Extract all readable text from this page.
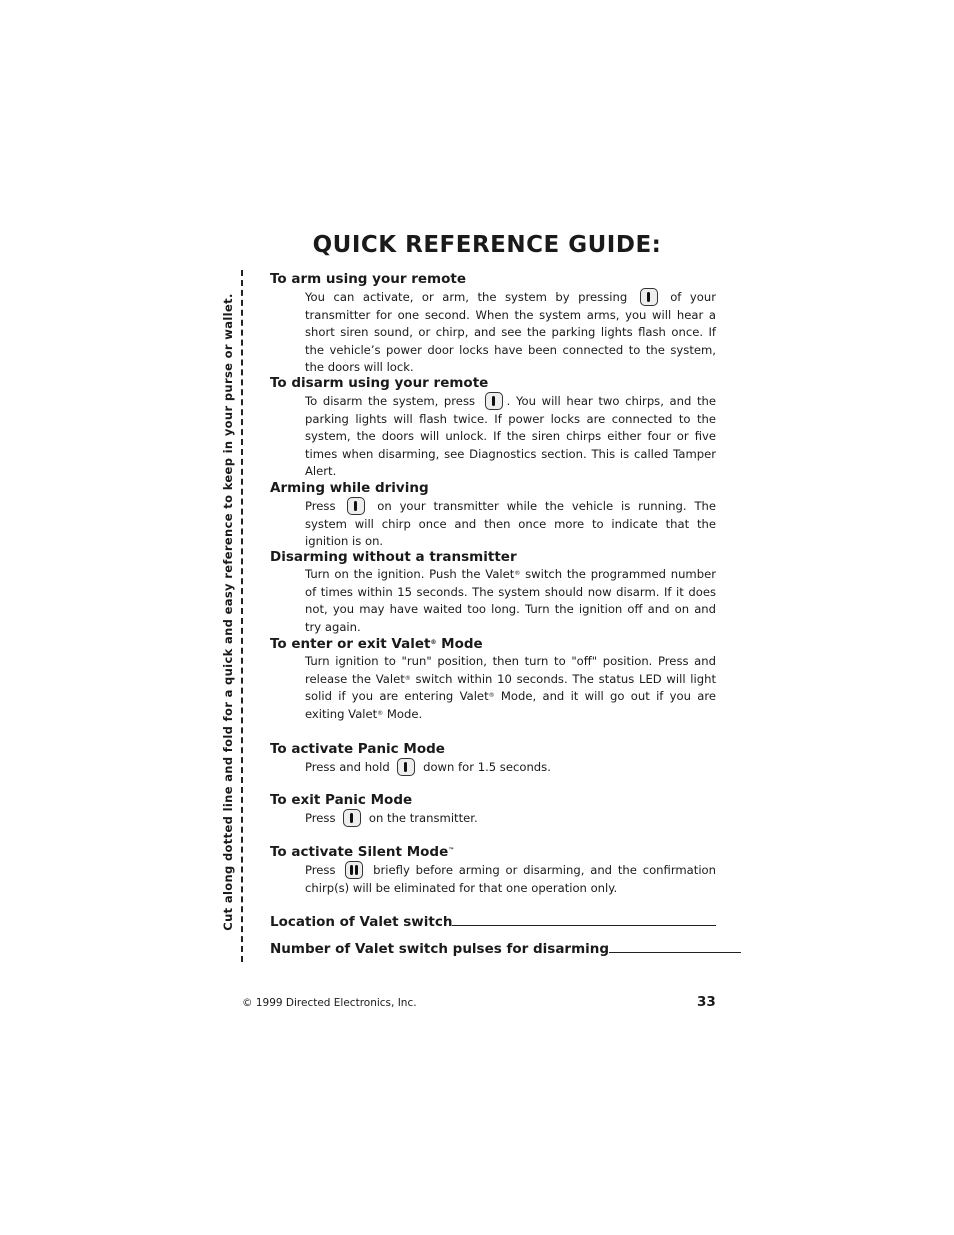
QUICK REFERENCE GUIDE:
Cut along dotted line and fold for a quick and easy reference to keep in your purse or wallet.
To arm using your remote

You can activate, or arm, the system by pressing	of your transmitter for one second. When the system arms, you will hear a short siren sound, or chirp, and see the parking lights flash once. If the vehicle’s power door locks have been connected to the system, the doors will lock.

To disarm using your remote

To disarm the system, press	. You will hear two chirps, and the parking lights will flash twice. If power locks are connected to the system, the doors will unlock. If the siren chirps either four or five times when disarming, see Diagnostics section. This is called Tamper Alert.

Arming while driving

Press	on your transmitter while the vehicle is running. The system will chirp once and then once more to indicate that the ignition is on.

Disarming without a transmitter

Turn on the ignition. Push the Valet® switch the programmed number of times within 15 seconds. The system should now disarm. If it does not, you may have waited too long. Turn the ignition off and on and try again.

To enter or exit Valet® Mode

Turn ignition to "run" position, then turn to "off" position. Press and release the Valet® switch within 10 seconds. The status LED will light solid if you are entering Valet® Mode, and it will go out if you are exiting Valet® Mode.

To activate Panic Mode

Press and hold	down for 1.5 seconds.

To exit Panic Mode

Press	on the transmitter.

To activate Silent Mode™

Press	briefly before arming or disarming, and the confirmation chirp(s) will be eliminated for that one operation only.

Location of Valet switch
Number of Valet switch pulses for disarming
© 1999 Directed Electronics, Inc.	33
